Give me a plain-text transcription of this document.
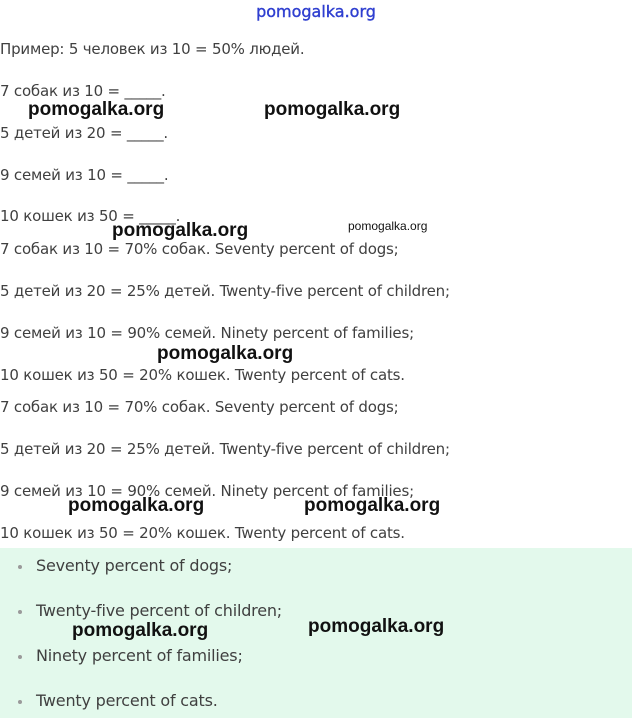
pomogalka.org
Пример: 5 человек из 10 = 50% людей.
7 собак из 10 = _____.
5 детей из 20 = _____.
9 семей из 10 = _____.
10 кошек из 50 = _____.
7 собак из 10 = 70% собак. Seventy percent of dogs;
5 детей из 20 = 25% детей. Twenty-five percent of children;
9 семей из 10 = 90% семей. Ninety percent of families;
10 кошек из 50 = 20% кошек. Twenty percent of cats.
7 собак из 10 = 70% собак. Seventy percent of dogs;
5 детей из 20 = 25% детей. Twenty-five percent of children;
9 семей из 10 = 90% семей. Ninety percent of families;
10 кошек из 50 = 20% кошек. Twenty percent of cats.
Seventy percent of dogs;
Twenty-five percent of children;
Ninety percent of families;
Twenty percent of cats.
pomogalka.org	pomogalka.org
pomogalka.org	pomogalka.org
pomogalka.org
pomogalka.org	pomogalka.org
pomogalka.org	pomogalka.org
